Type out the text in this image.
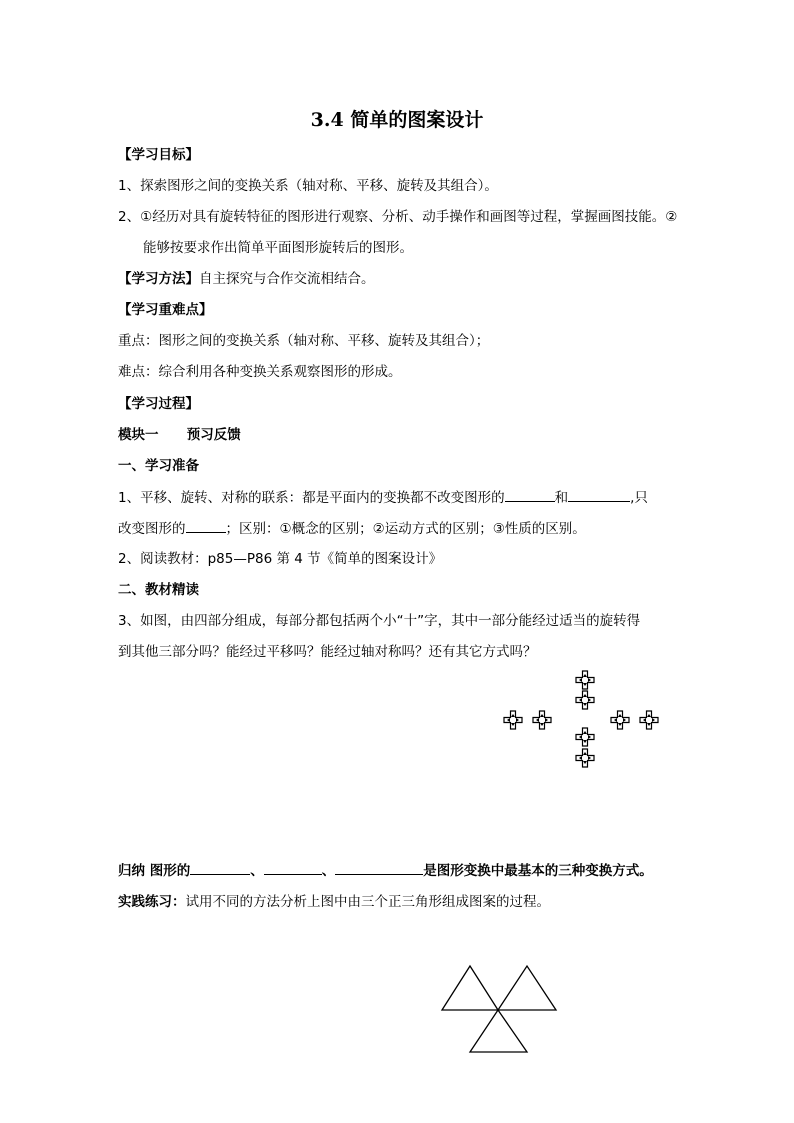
3.4 简单的图案设计
【学习目标】
1、探索图形之间的变换关系（轴对称、平移、旋转及其组合）。
2、①经历对具有旋转特征的图形进行观察、分析、动手操作和画图等过程，掌握画图技能。②
能够按要求作出简单平面图形旋转后的图形。
【学习方法】自主探究与合作交流相结合。
【学习重难点】
重点：图形之间的变换关系（轴对称、平移、旋转及其组合）；
难点：综合利用各种变换关系观察图形的形成。
【学习过程】
模块一      预习反馈
一、学习准备
1、平移、旋转、对称的联系：都是平面内的变换都不改变图形的	和	,只
改变图形的	；区别：①概念的区别；②运动方式的区别；③性质的区别。
2、阅读教材：p85—P86 第 4 节《简单的图案设计》
二、教材精读
3、如图，由四部分组成，每部分都包括两个小“十”字，其中一部分能经过适当的旋转得
到其他三部分吗？能经过平移吗？能经过轴对称吗？还有其它方式吗？
归纳 图形的	、	、	是图形变换中最基本的三种变换方式。
实践练习：试用不同的方法分析上图中由三个正三角形组成图案的过程。
